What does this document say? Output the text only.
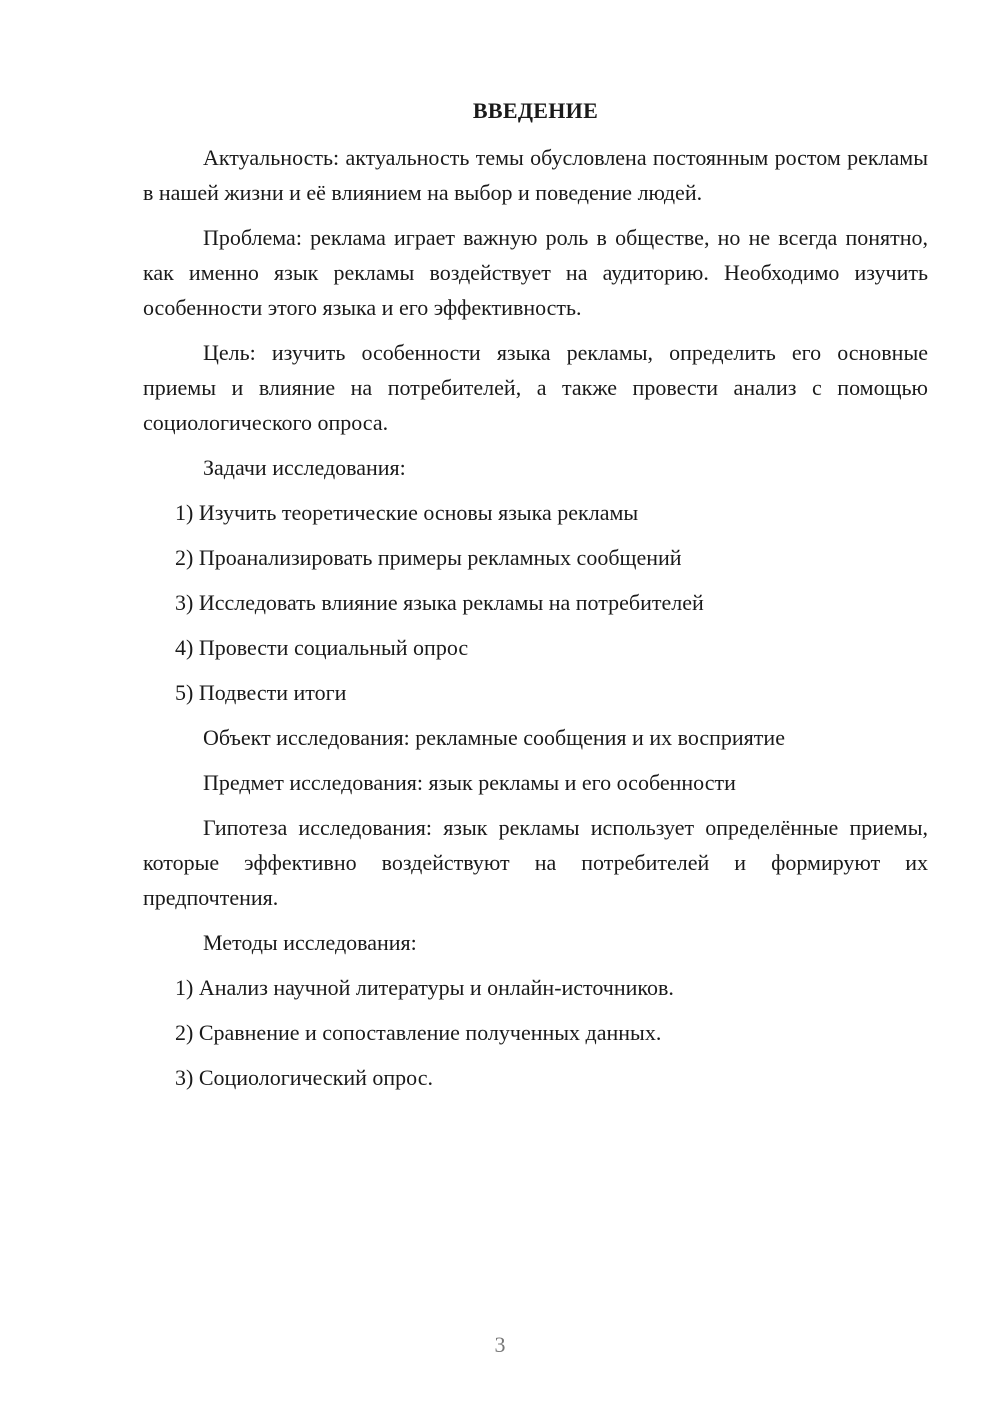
ВВЕДЕНИЕ

Актуальность: актуальность темы обусловлена постоянным ростом рекламы в нашей жизни и её влиянием на выбор и поведение людей.

Проблема: реклама играет важную роль в обществе, но не всегда понятно, как именно язык рекламы воздействует на аудиторию. Необходимо изучить особенности этого языка и его эффективность.

Цель: изучить особенности языка рекламы, определить его основные приемы и влияние на потребителей, а также провести анализ с помощью социологического опроса.

Задачи исследования:

1) Изучить теоретические основы языка рекламы
2) Проанализировать примеры рекламных сообщений
3) Исследовать влияние языка рекламы на потребителей
4) Провести социальный опрос
5) Подвести итоги

Объект исследования: рекламные сообщения и их восприятие

Предмет исследования: язык рекламы и его особенности

Гипотеза исследования: язык рекламы использует определённые приемы, которые эффективно воздействуют на потребителей и формируют их предпочтения.

Методы исследования:

1) Анализ научной литературы и онлайн-источников.
2) Сравнение и сопоставление полученных данных.
3) Социологический опрос.
3
